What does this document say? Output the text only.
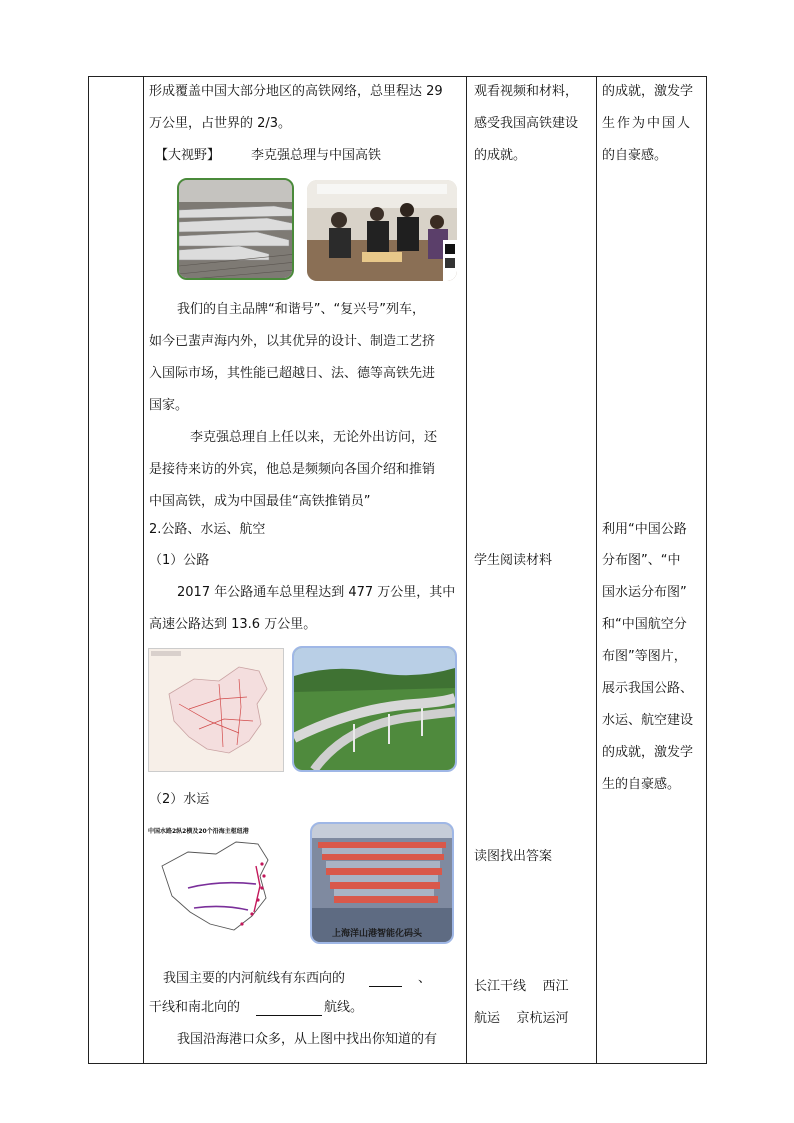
形成覆盖中国大部分地区的高铁网络，总里程达 29
万公里，占世界的 2/3。
【大视野】 李克强总理与中国高铁
我们的自主品牌“和谐号”、“复兴号”列车，
如今已蜚声海内外，以其优异的设计、制造工艺挤
入国际市场，其性能已超越日、法、德等高铁先进
国家。
李克强总理自上任以来，无论外出访问，还
是接待来访的外宾，他总是频频向各国介绍和推销
中国高铁，成为中国最佳“高铁推销员”
2.公路、水运、航空
（1）公路
2017 年公路通车总里程达到 477 万公里，其中
高速公路达到 13.6 万公里。
（2）水运
中国水路2纵2横及20个沿海主枢纽港
上海洋山港智能化码头
我国主要的内河航线有东西向的	、
干线和南北向的	航线。
我国沿海港口众多，从上图中找出你知道的有
观看视频和材料，
感受我国高铁建设
的成就。
学生阅读材料
读图找出答案
长江干线    西江
航运    京杭运河
的成就，激发学
生作为中国人
的自豪感。
利用“中国公路
分布图”、“中
国水运分布图”
和“中国航空分
布图”等图片，
展示我国公路、
水运、航空建设
的成就，激发学
生的自豪感。
